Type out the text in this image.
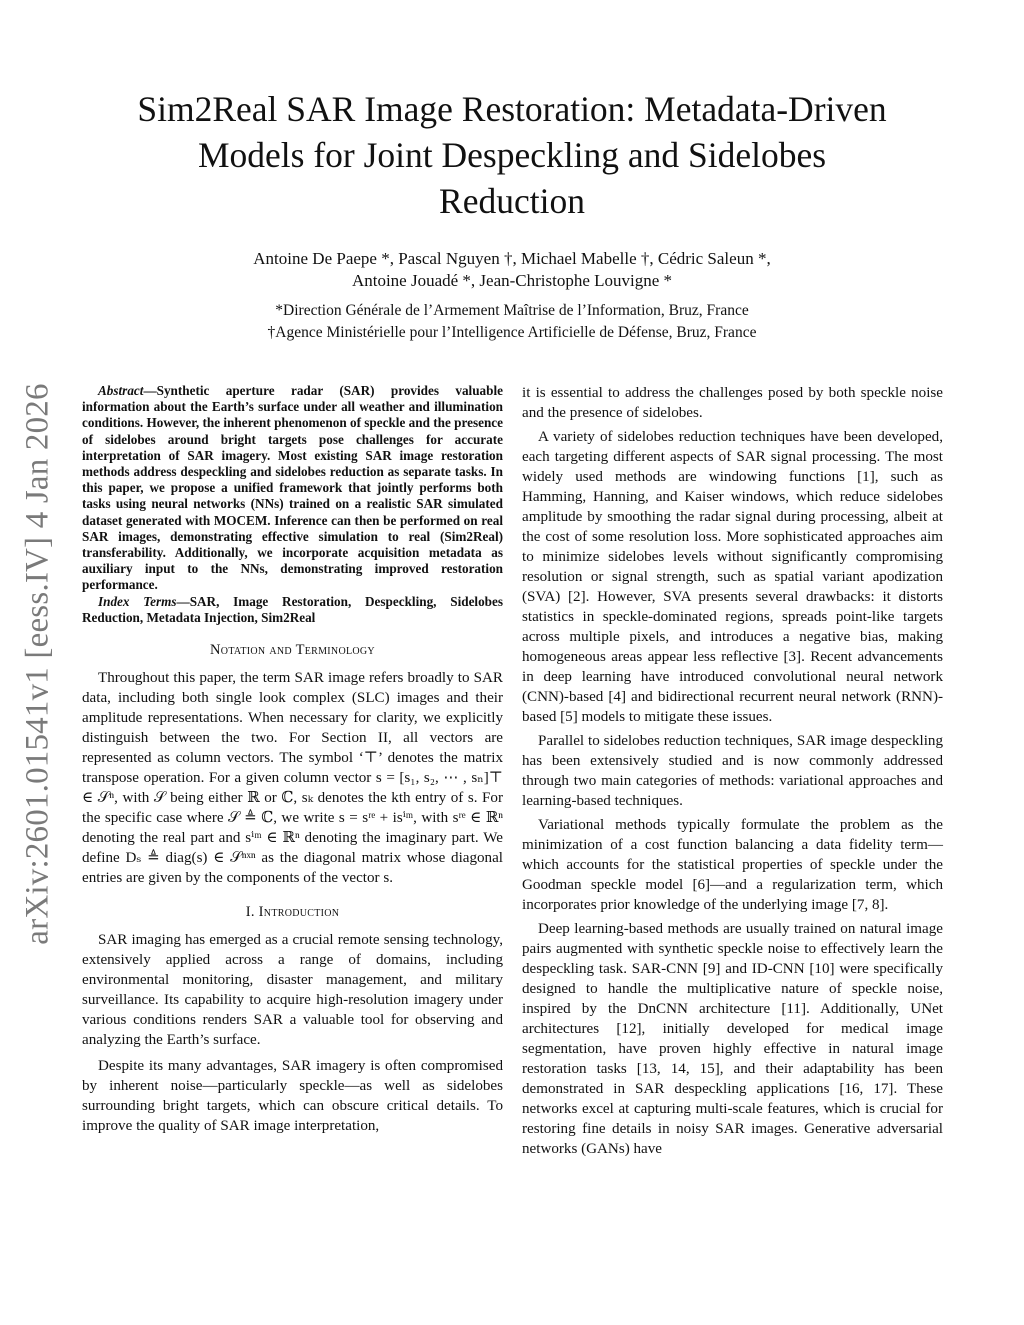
Sim2Real SAR Image Restoration: Metadata-Driven
Models for Joint Despeckling and Sidelobes
Reduction
Antoine De Paepe *, Pascal Nguyen †, Michael Mabelle †, Cédric Saleun *,
Antoine Jouadé *, Jean-Christophe Louvigne *
*Direction Générale de l’Armement Maîtrise de l’Information, Bruz, France
†Agence Ministérielle pour l’Intelligence Artificielle de Défense, Bruz, France
arXiv:2601.01541v1 [eess.IV] 4 Jan 2026	Abstract—Synthetic aperture radar (SAR) provides valuable information about the Earth’s surface under all weather and illumination conditions. However, the inherent phenomenon of speckle and the presence of sidelobes around bright targets pose challenges for accurate interpretation of SAR imagery. Most existing SAR image restoration methods address despeckling and sidelobes reduction as separate tasks. In this paper, we propose a unified framework that jointly performs both tasks using neural networks (NNs) trained on a realistic SAR simulated dataset generated with MOCEM. Inference can then be performed on real SAR images, demonstrating effective simulation to real (Sim2Real) transferability. Additionally, we incorporate acquisition metadata as auxiliary input to the NNs, demonstrating improved restoration performance.

Index Terms—SAR, Image Restoration, Despeckling, Sidelobes Reduction, Metadata Injection, Sim2Real

Notation and Terminology

Throughout this paper, the term SAR image refers broadly to SAR data, including both single look complex (SLC) images and their amplitude representations. When necessary for clarity, we explicitly distinguish between the two. For Section II, all vectors are represented as column vectors. The symbol ‘⊤’ denotes the matrix transpose operation. For a given column vector s = [s₁, s₂, ⋯ , sₙ]⊤ ∈ 𝒮ⁿ, with 𝒮 being either ℝ or ℂ, sₖ denotes the kth entry of s. For the specific case where 𝒮 ≜ ℂ, we write s = sʳᵉ + isⁱᵐ, with sʳᵉ ∈ ℝⁿ denoting the real part and sⁱᵐ ∈ ℝⁿ denoting the imaginary part. We define Dₛ ≜ diag(s) ∈ 𝒮ⁿˣⁿ as the diagonal matrix whose diagonal entries are given by the components of the vector s.

I. Introduction

SAR imaging has emerged as a crucial remote sensing technology, extensively applied across a range of domains, including environmental monitoring, disaster management, and military surveillance. Its capability to acquire high-resolution imagery under various conditions renders SAR a valuable tool for observing and analyzing the Earth’s surface.

Despite its many advantages, SAR imagery is often compromised by inherent noise—particularly speckle—as well as sidelobes surrounding bright targets, which can obscure critical details. To improve the quality of SAR image interpretation,

it is essential to address the challenges posed by both speckle noise and the presence of sidelobes.

A variety of sidelobes reduction techniques have been developed, each targeting different aspects of SAR signal processing. The most widely used methods are windowing functions [1], such as Hamming, Hanning, and Kaiser windows, which reduce sidelobes amplitude by smoothing the radar signal during processing, albeit at the cost of some resolution loss. More sophisticated approaches aim to minimize sidelobes levels without significantly compromising resolution or signal strength, such as spatial variant apodization (SVA) [2]. However, SVA presents several drawbacks: it distorts statistics in speckle-dominated regions, spreads point-like targets across multiple pixels, and introduces a negative bias, making homogeneous areas appear less reflective [3]. Recent advancements in deep learning have introduced convolutional neural network (CNN)-based [4] and bidirectional recurrent neural network (RNN)-based [5] models to mitigate these issues.

Parallel to sidelobes reduction techniques, SAR image despeckling has been extensively studied and is now commonly addressed through two main categories of methods: variational approaches and learning-based techniques.

Variational methods typically formulate the problem as the minimization of a cost function balancing a data fidelity term—which accounts for the statistical properties of speckle under the Goodman speckle model [6]—and a regularization term, which incorporates prior knowledge of the underlying image [7, 8].

Deep learning-based methods are usually trained on natural image pairs augmented with synthetic speckle noise to effectively learn the despeckling task. SAR-CNN [9] and ID-CNN [10] were specifically designed to handle the multiplicative nature of speckle noise, inspired by the DnCNN architecture [11]. Additionally, UNet architectures [12], initially developed for medical image segmentation, have proven highly effective in natural image restoration tasks [13, 14, 15], and their adaptability has been demonstrated in SAR despeckling applications [16, 17]. These networks excel at capturing multi-scale features, which is crucial for restoring fine details in noisy SAR images. Generative adversarial networks (GANs) have
